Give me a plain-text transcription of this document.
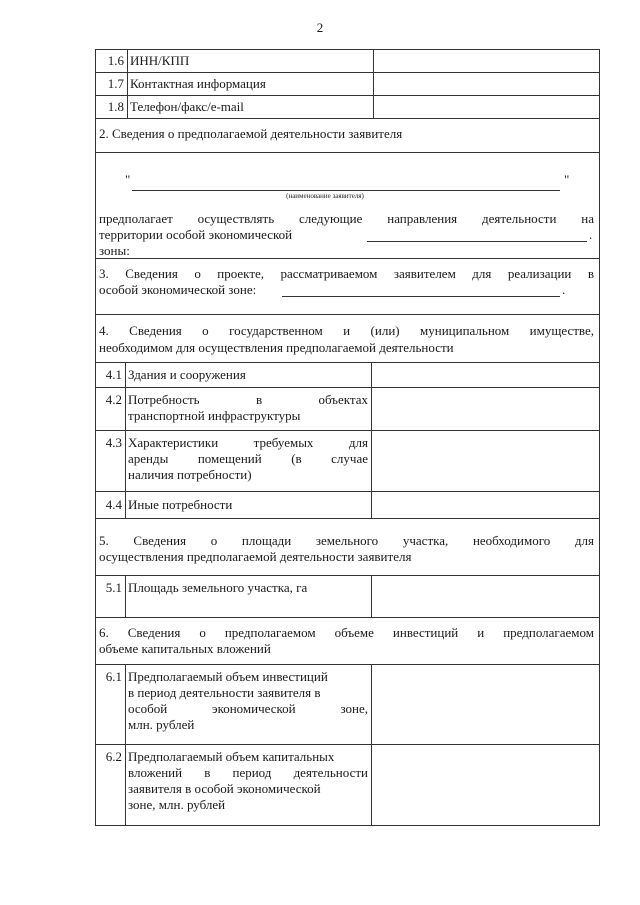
2
1.6 ИНН/КПП
1.7 Контактная информация
1.8 Телефон/факс/e-mail
2. Сведения о предполагаемой деятельности заявителя
"	"
(наименование заявителя)
предполагает осуществлять следующие направления деятельности на
территории особой экономической зоны:
.
3. Сведения о проекте, рассматриваемом заявителем для реализации в
особой экономической зоне:	.
4. Сведения о государственном и (или) муниципальном имуществе,
необходимом для осуществления предполагаемой деятельности
4.1 Здания и сооружения
4.2 Потребность в объектах
транспортной инфраструктуры
4.3 Характеристики требуемых для
аренды помещений (в случае
наличия потребности)
4.4 Иные потребности
5. Сведения о площади земельного участка, необходимого для
осуществления предполагаемой деятельности заявителя
5.1 Площадь земельного участка, га
6. Сведения о предполагаемом объеме инвестиций и предполагаемом
объеме капитальных вложений
6.1 Предполагаемый объем инвестиций
в период деятельности заявителя в
особой экономической зоне,
млн. рублей
6.2 Предполагаемый объем капитальных
вложений в период деятельности
заявителя в особой экономической
зоне, млн. рублей
